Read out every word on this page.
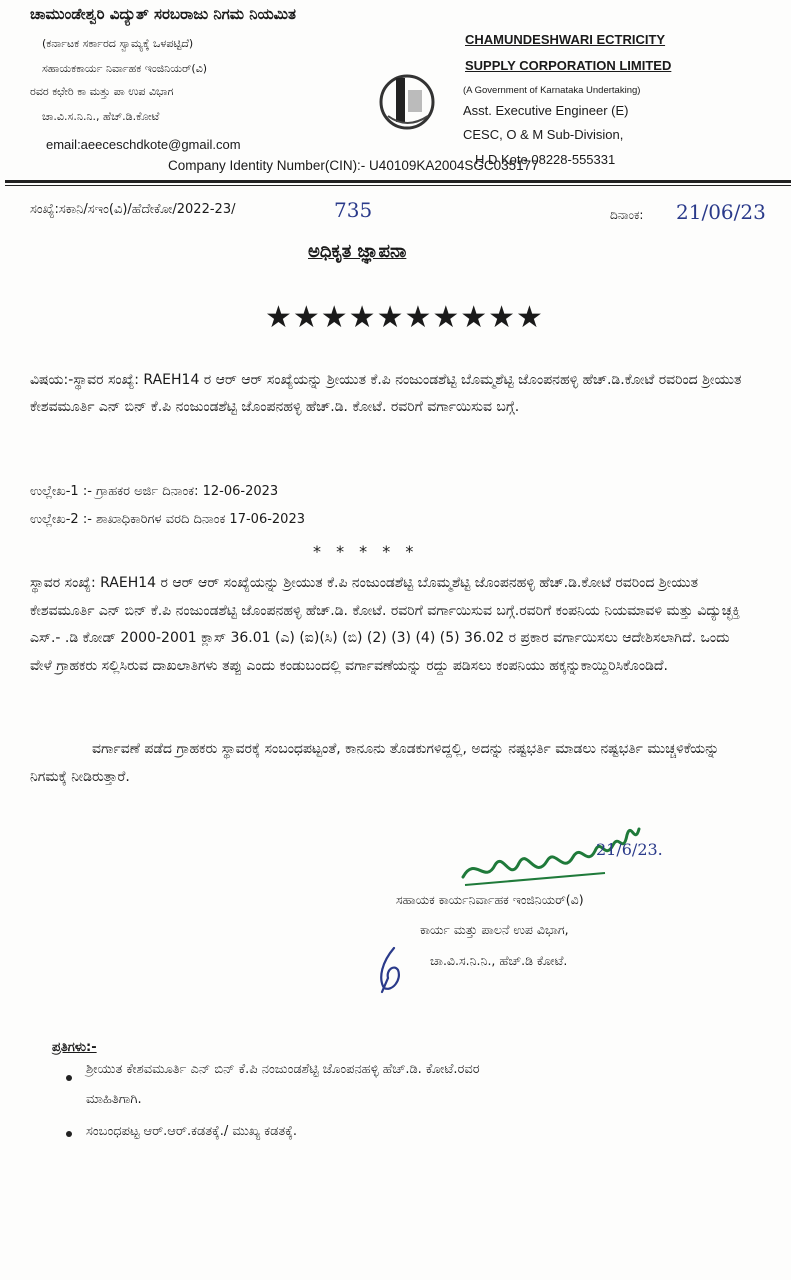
ಚಾಮುಂಡೇಶ್ವರಿ ವಿದ್ಯುತ್ ಸರಬರಾಜು ನಿಗಮ ನಿಯಮಿತ
(ಕರ್ನಾಟಕ ಸರ್ಕಾರದ ಸ್ವಾಮ್ಯಕ್ಕೆ ಒಳಪಟ್ಟಿದೆ)
ಸಹಾಯಕಕಾರ್ಯ ನಿರ್ವಾಹಕ ಇಂಜಿನಿಯರ್(ವಿ)
ರವರ ಕಛೇರಿ ಕಾ ಮತ್ತು ಪಾ ಉಪ ವಿಭಾಗ
ಚಾ.ವಿ.ಸ.ನಿ.ನಿ., ಹೆಚ್.ಡಿ.ಕೋಟೆ
email:aeeceschdkote@gmail.com
CHAMUNDESHWARI ECTRICITY
SUPPLY CORPORATION LIMITED
(A Government of Karnataka Undertaking)
Asst. Executive Engineer (E)
CESC, O & M Sub-Division,
H D Kote 08228-555331
Company Identity Number(CIN):- U40109KA2004SGC035177
ಸಂಖ್ಯೆ:ಸಕಾನಿ/ಸಇಂ(ವಿ)/ಹೆದೇಕೋ/2022-23/	735	ದಿನಾಂಕ: 21/06/23
ಅಧಿಕೃತ ಜ್ಞಾಪನಾ
★★★★★★★★★★
ವಿಷಯ:-ಸ್ಥಾವರ ಸಂಖ್ಯೆ: RAEH14 ರ ಆರ್ ಆರ್ ಸಂಖ್ಯೆಯನ್ನು ಶ್ರೀಯುತ ಕೆ.ಪಿ ನಂಜುಂಡಶೆಟ್ಟಿ ಬೊಮ್ಮಶೆಟ್ಟಿ ಜೊಂಪನಹಳ್ಳಿ ಹೆಚ್.ಡಿ.ಕೋಟೆ ರವರಿಂದ ಶ್ರೀಯುತ ಕೇಶವಮೂರ್ತಿ ಎನ್ ಬಿನ್ ಕೆ.ಪಿ ನಂಜುಂಡಶೆಟ್ಟಿ ಜೊಂಪನಹಳ್ಳಿ ಹೆಚ್.ಡಿ. ಕೋಟೆ. ರವರಿಗೆ ವರ್ಗಾಯಿಸುವ ಬಗ್ಗೆ.
ಉಲ್ಲೇಖ-1 :- ಗ್ರಾಹಕರ ಅರ್ಜಿ ದಿನಾಂಕ: 12-06-2023
ಉಲ್ಲೇಖ-2 :- ಶಾಖಾಧಿಕಾರಿಗಳ ವರದಿ ದಿನಾಂಕ 17-06-2023
* * * * *
ಸ್ಥಾವರ ಸಂಖ್ಯೆ: RAEH14 ರ ಆರ್ ಆರ್ ಸಂಖ್ಯೆಯನ್ನು ಶ್ರೀಯುತ ಕೆ.ಪಿ ನಂಜುಂಡಶೆಟ್ಟಿ ಬೊಮ್ಮಶೆಟ್ಟಿ ಜೊಂಪನಹಳ್ಳಿ ಹೆಚ್.ಡಿ.ಕೋಟೆ ರವರಿಂದ ಶ್ರೀಯುತ ಕೇಶವಮೂರ್ತಿ ಎನ್ ಬಿನ್ ಕೆ.ಪಿ ನಂಜುಂಡಶೆಟ್ಟಿ ಜೊಂಪನಹಳ್ಳಿ ಹೆಚ್.ಡಿ. ಕೋಟೆ. ರವರಿಗೆ ವರ್ಗಾಯಿಸುವ ಬಗ್ಗೆ.ರವರಿಗೆ ಕಂಪನಿಯ ನಿಯಮಾವಳಿ ಮತ್ತು ವಿದ್ಯುಚ್ಛಕ್ತಿ ಎಸ್.- .ಡಿ ಕೋಡ್ 2000-2001 ಕ್ಲಾಸ್ 36.01 (ಎ) (ಐ)(ಸಿ) (ಬಿ) (2) (3) (4) (5) 36.02 ರ ಪ್ರಕಾರ ವರ್ಗಾಯಿಸಲು ಆದೇಶಿಸಲಾಗಿದೆ. ಒಂದು ವೇಳೆ ಗ್ರಾಹಕರು ಸಲ್ಲಿಸಿರುವ ದಾಖಲಾತಿಗಳು ತಪ್ಪು ಎಂದು ಕಂಡುಬಂದಲ್ಲಿ ವರ್ಗಾವಣೆಯನ್ನು ರದ್ದು ಪಡಿಸಲು ಕಂಪನಿಯು ಹಕ್ಕನ್ನುಕಾಯ್ದಿರಿಸಿಕೊಂಡಿದೆ.
ವರ್ಗಾವಣೆ ಪಡೆದ ಗ್ರಾಹಕರು ಸ್ಥಾವರಕ್ಕೆ ಸಂಬಂಧಪಟ್ಟಂತೆ, ಕಾನೂನು ತೊಡಕುಗಳಿದ್ದಲ್ಲಿ, ಅದನ್ನು ನಷ್ಟಭರ್ತಿ ಮಾಡಲು ನಷ್ಟಭರ್ತಿ ಮುಚ್ಚಳಿಕೆಯನ್ನು ನಿಗಮಕ್ಕೆ ನೀಡಿರುತ್ತಾರೆ.
21/6/23.
ಸಹಾಯಕ ಕಾರ್ಯನಿರ್ವಾಹಕ ಇಂಜಿನಿಯರ್(ವಿ)
ಕಾರ್ಯ ಮತ್ತು ಪಾಲನೆ ಉಪ ವಿಭಾಗ,
ಚಾ.ವಿ.ಸ.ನಿ.ನಿ., ಹೆಚ್.ಡಿ ಕೋಟೆ.
ಪ್ರತಿಗಳು:-
ಶ್ರೀಯುತ ಕೇಶವಮೂರ್ತಿ ಎನ್ ಬಿನ್ ಕೆ.ಪಿ ನಂಜುಂಡಶೆಟ್ಟಿ ಜೊಂಪನಹಳ್ಳಿ ಹೆಚ್.ಡಿ. ಕೋಟೆ.ರವರ
ಮಾಹಿತಿಗಾಗಿ.
ಸಂಬಂಧಪಟ್ಟ ಆರ್.ಆರ್.ಕಡತಕ್ಕೆ./ ಮುಖ್ಯ ಕಡತಕ್ಕೆ.
